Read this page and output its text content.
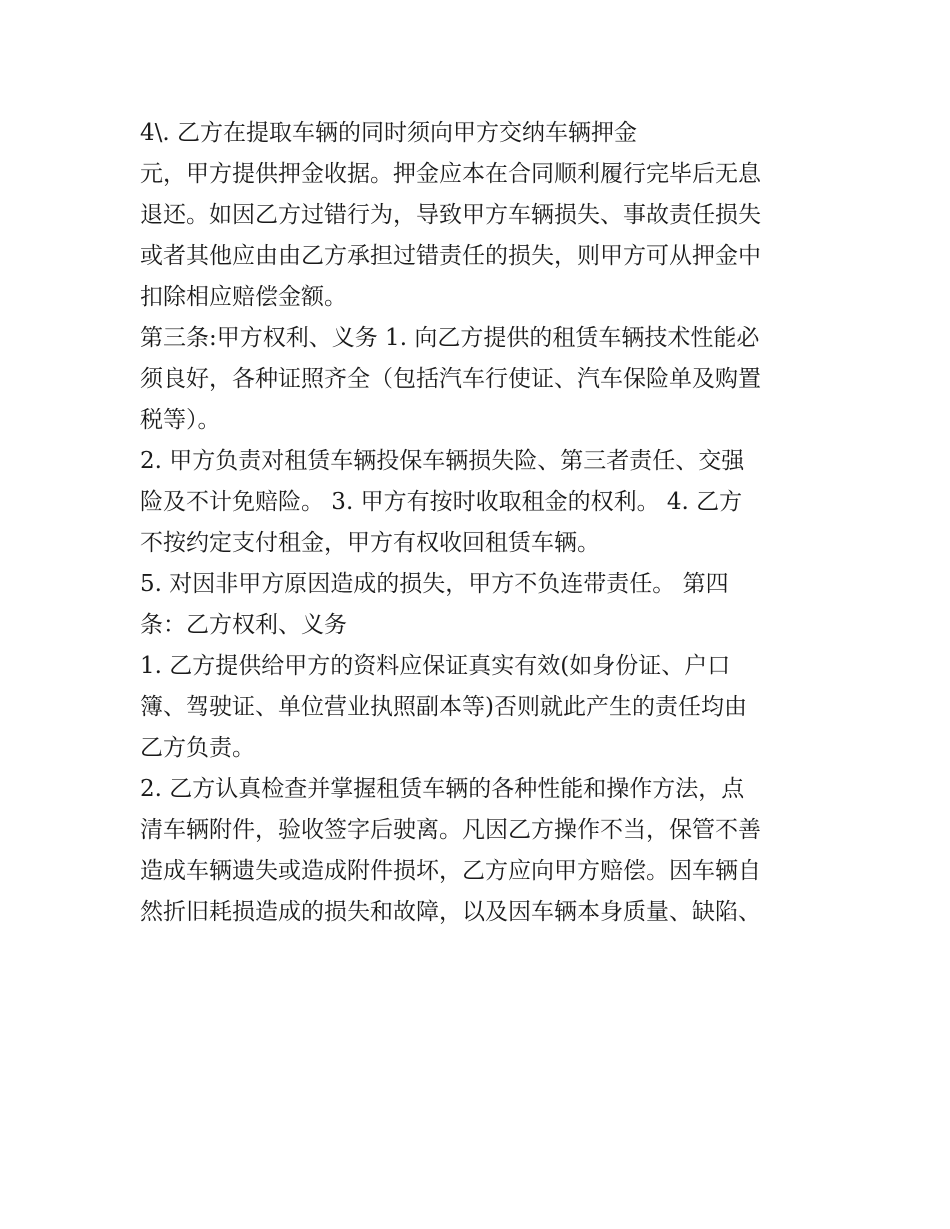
4\. 乙方在提取车辆的同时须向甲方交纳车辆押金
元，甲方提供押金收据。押金应本在合同顺利履行完毕后无息
退还。如因乙方过错行为，导致甲方车辆损失、事故责任损失
或者其他应由由乙方承担过错责任的损失，则甲方可从押金中
扣除相应赔偿金额。
第三条:甲方权利、义务 1. 向乙方提供的租赁车辆技术性能必
须良好，各种证照齐全（包括汽车行使证、汽车保险单及购置
税等）。
2. 甲方负责对租赁车辆投保车辆损失险、第三者责任、交强
险及不计免赔险。 3. 甲方有按时收取租金的权利。 4. 乙方
不按约定支付租金，甲方有权收回租赁车辆。
5. 对因非甲方原因造成的损失，甲方不负连带责任。 第四
条：乙方权利、义务
1. 乙方提供给甲方的资料应保证真实有效(如身份证、户口
簿、驾驶证、单位营业执照副本等)否则就此产生的责任均由
乙方负责。
2. 乙方认真检查并掌握租赁车辆的各种性能和操作方法，点
清车辆附件，验收签字后驶离。凡因乙方操作不当，保管不善
造成车辆遗失或造成附件损坏，乙方应向甲方赔偿。因车辆自
然折旧耗损造成的损失和故障，以及因车辆本身质量、缺陷、
